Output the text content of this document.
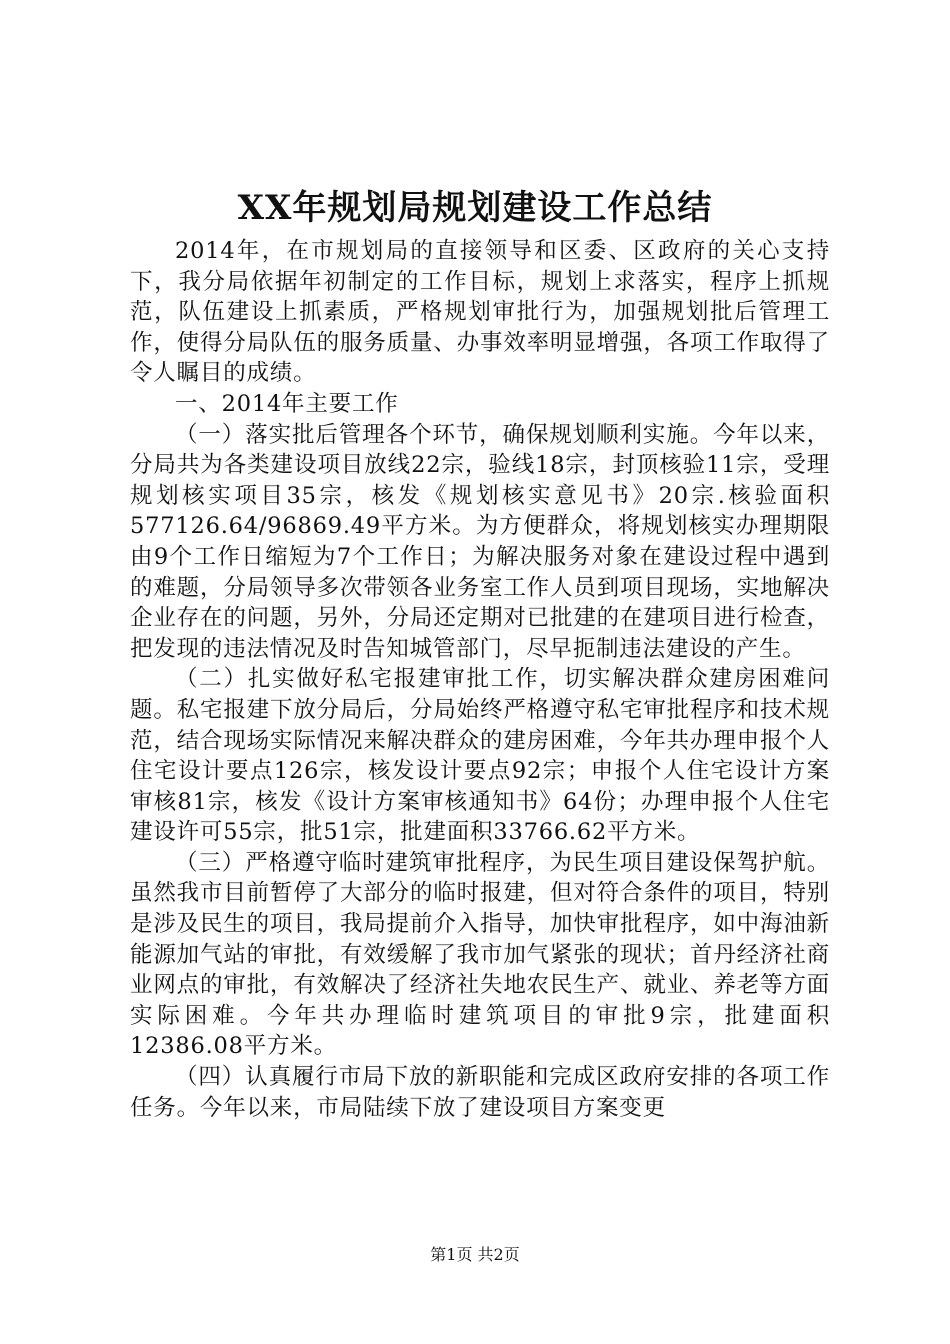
XX年规划局规划建设工作总结

2014年，在市规划局的直接领导和区委、区政府的关心支持下，我分局依据年初制定的工作目标，规划上求落实，程序上抓规范，队伍建设上抓素质，严格规划审批行为，加强规划批后管理工作，使得分局队伍的服务质量、办事效率明显增强，各项工作取得了令人瞩目的成绩。

一、2014年主要工作

（一）落实批后管理各个环节，确保规划顺利实施。今年以来，分局共为各类建设项目放线22宗，验线18宗，封顶核验11宗，受理规划核实项目35宗，核发《规划核实意见书》20宗.核验面积577126.64/96869.49平方米。为方便群众，将规划核实办理期限由9个工作日缩短为7个工作日；为解决服务对象在建设过程中遇到的难题，分局领导多次带领各业务室工作人员到项目现场，实地解决企业存在的问题，另外，分局还定期对已批建的在建项目进行检查，把发现的违法情况及时告知城管部门，尽早扼制违法建设的产生。

（二）扎实做好私宅报建审批工作，切实解决群众建房困难问题。私宅报建下放分局后，分局始终严格遵守私宅审批程序和技术规范，结合现场实际情况来解决群众的建房困难，今年共办理申报个人住宅设计要点126宗，核发设计要点92宗；申报个人住宅设计方案审核81宗，核发《设计方案审核通知书》64份；办理申报个人住宅建设许可55宗，批51宗，批建面积33766.62平方米。

（三）严格遵守临时建筑审批程序，为民生项目建设保驾护航。虽然我市目前暂停了大部分的临时报建，但对符合条件的项目，特别是涉及民生的项目，我局提前介入指导，加快审批程序，如中海油新能源加气站的审批，有效缓解了我市加气紧张的现状；首丹经济社商业网点的审批，有效解决了经济社失地农民生产、就业、养老等方面实际困难。今年共办理临时建筑项目的审批9宗，批建面积12386.08平方米。

（四）认真履行市局下放的新职能和完成区政府安排的各项工作任务。今年以来，市局陆续下放了建设项目方案变更

第1页 共2页
